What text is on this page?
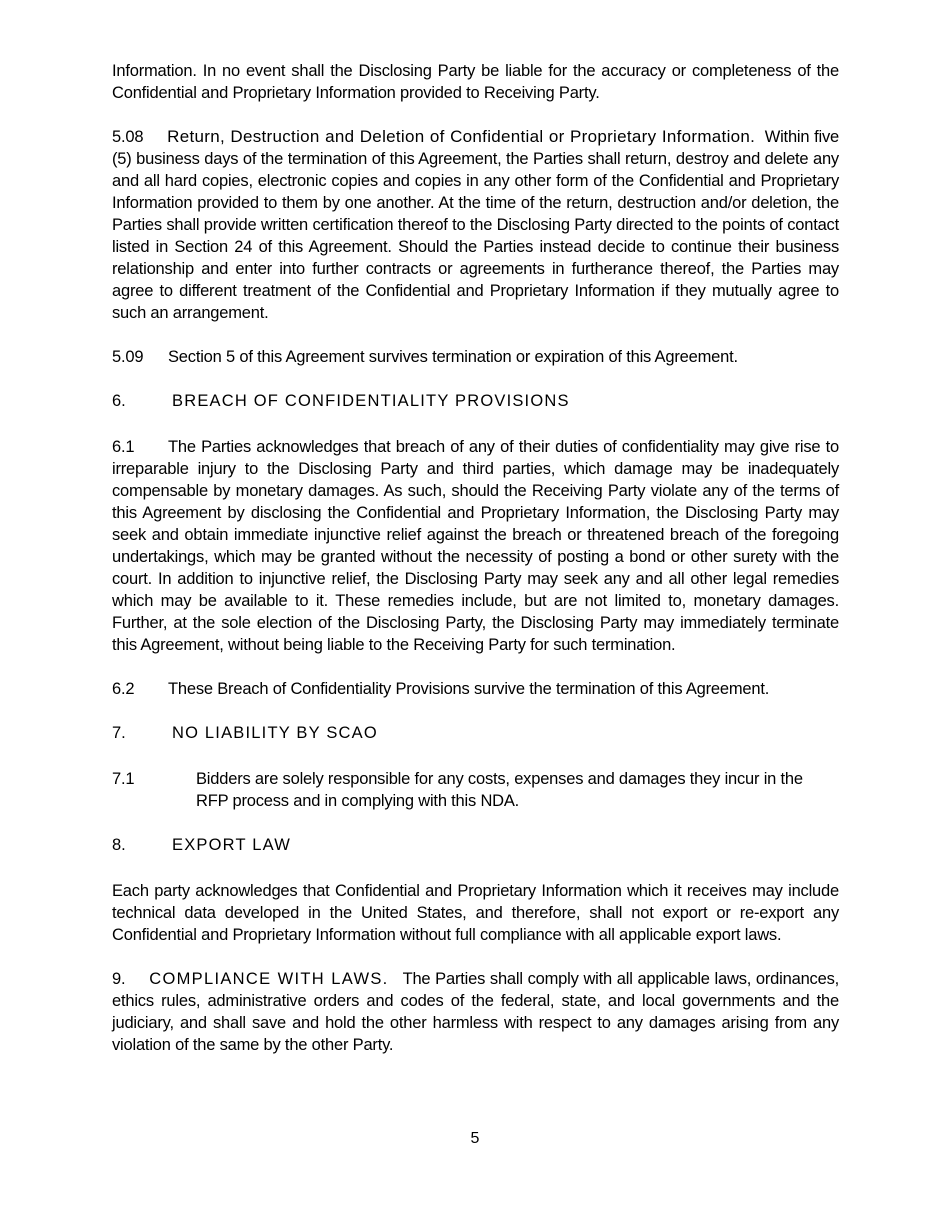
Information. In no event shall the Disclosing Party be liable for the accuracy or completeness of the Confidential and Proprietary Information provided to Receiving Party.

5.08 Return, Destruction and Deletion of Confidential or Proprietary Information. Within five (5) business days of the termination of this Agreement, the Parties shall return, destroy and delete any and all hard copies, electronic copies and copies in any other form of the Confidential and Proprietary Information provided to them by one another. At the time of the return, destruction and/or deletion, the Parties shall provide written certification thereof to the Disclosing Party directed to the points of contact listed in Section 24 of this Agreement. Should the Parties instead decide to continue their business relationship and enter into further contracts or agreements in furtherance thereof, the Parties may agree to different treatment of the Confidential and Proprietary Information if they mutually agree to such an arrangement.

5.09 Section 5 of this Agreement survives termination or expiration of this Agreement.

6.	BREACH OF CONFIDENTIALITY PROVISIONS

6.1 The Parties acknowledges that breach of any of their duties of confidentiality may give rise to irreparable injury to the Disclosing Party and third parties, which damage may be inadequately compensable by monetary damages. As such, should the Receiving Party violate any of the terms of this Agreement by disclosing the Confidential and Proprietary Information, the Disclosing Party may seek and obtain immediate injunctive relief against the breach or threatened breach of the foregoing undertakings, which may be granted without the necessity of posting a bond or other surety with the court. In addition to injunctive relief, the Disclosing Party may seek any and all other legal remedies which may be available to it. These remedies include, but are not limited to, monetary damages. Further, at the sole election of the Disclosing Party, the Disclosing Party may immediately terminate this Agreement, without being liable to the Receiving Party for such termination.

6.2 These Breach of Confidentiality Provisions survive the termination of this Agreement.

7.	NO LIABILITY BY SCAO

7.1	Bidders are solely responsible for any costs, expenses and damages they incur in the RFP process and in complying with this NDA.

8.	EXPORT LAW

Each party acknowledges that Confidential and Proprietary Information which it receives may include technical data developed in the United States, and therefore, shall not export or re-export any Confidential and Proprietary Information without full compliance with all applicable export laws.

9. COMPLIANCE WITH LAWS. The Parties shall comply with all applicable laws, ordinances, ethics rules, administrative orders and codes of the federal, state, and local governments and the judiciary, and shall save and hold the other harmless with respect to any damages arising from any violation of the same by the other Party.

5
